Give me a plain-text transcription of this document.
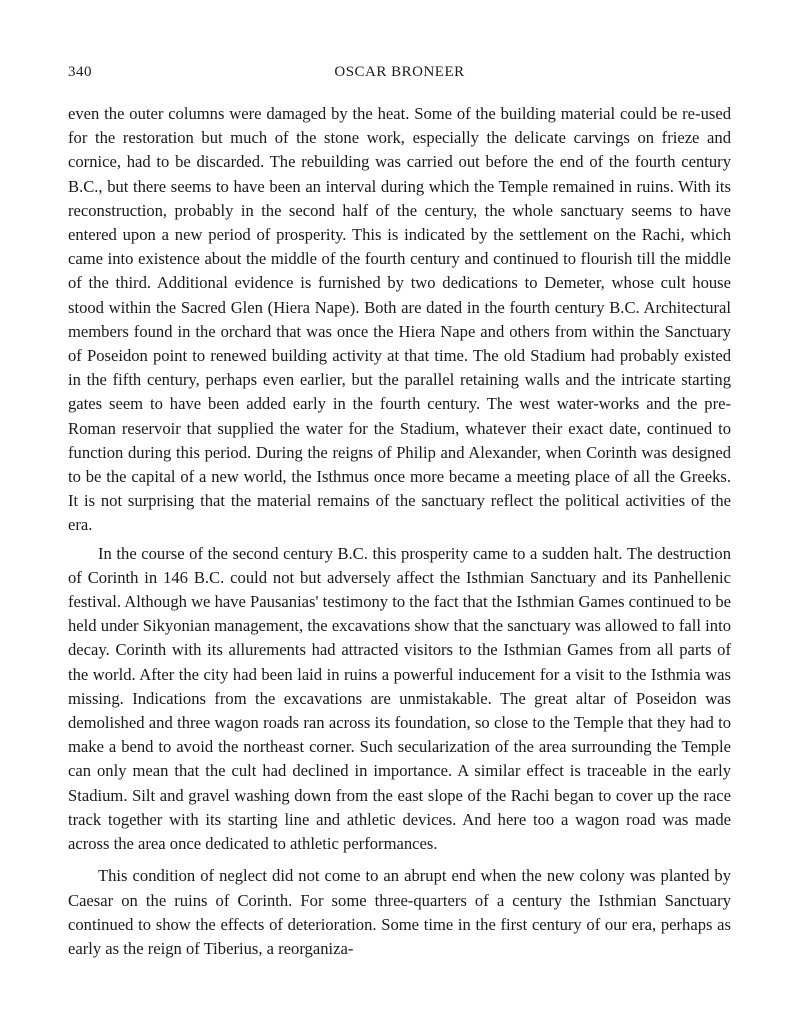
340	OSCAR BRONEER

even the outer columns were damaged by the heat. Some of the building material could be re-used for the restoration but much of the stone work, especially the delicate carvings on frieze and cornice, had to be discarded. The rebuilding was carried out before the end of the fourth century B.C., but there seems to have been an interval during which the Temple remained in ruins. With its reconstruction, probably in the second half of the century, the whole sanctuary seems to have entered upon a new period of prosperity. This is indicated by the settlement on the Rachi, which came into existence about the middle of the fourth century and continued to flourish till the middle of the third. Additional evidence is furnished by two dedications to Demeter, whose cult house stood within the Sacred Glen (Hiera Nape). Both are dated in the fourth century B.C. Architectural members found in the orchard that was once the Hiera Nape and others from within the Sanctuary of Poseidon point to renewed building activity at that time. The old Stadium had probably existed in the fifth century, perhaps even earlier, but the parallel retaining walls and the intricate starting gates seem to have been added early in the fourth century. The west water-works and the pre-Roman reservoir that supplied the water for the Stadium, whatever their exact date, continued to function during this period. During the reigns of Philip and Alexander, when Corinth was designed to be the capital of a new world, the Isthmus once more became a meeting place of all the Greeks. It is not surprising that the material remains of the sanctuary reflect the political activities of the era.

In the course of the second century B.C. this prosperity came to a sudden halt. The destruction of Corinth in 146 B.C. could not but adversely affect the Isthmian Sanctuary and its Panhellenic festival. Although we have Pausanias' testimony to the fact that the Isthmian Games continued to be held under Sikyonian management, the excavations show that the sanctuary was allowed to fall into decay. Corinth with its allurements had attracted visitors to the Isthmian Games from all parts of the world. After the city had been laid in ruins a powerful inducement for a visit to the Isthmia was missing. Indications from the excavations are unmistakable. The great altar of Poseidon was demolished and three wagon roads ran across its foundation, so close to the Temple that they had to make a bend to avoid the northeast corner. Such secularization of the area surrounding the Temple can only mean that the cult had declined in importance. A similar effect is traceable in the early Stadium. Silt and gravel washing down from the east slope of the Rachi began to cover up the race track together with its starting line and athletic devices. And here too a wagon road was made across the area once dedicated to athletic performances.

This condition of neglect did not come to an abrupt end when the new colony was planted by Caesar on the ruins of Corinth. For some three-quarters of a century the Isthmian Sanctuary continued to show the effects of deterioration. Some time in the first century of our era, perhaps as early as the reign of Tiberius, a reorganiza-
